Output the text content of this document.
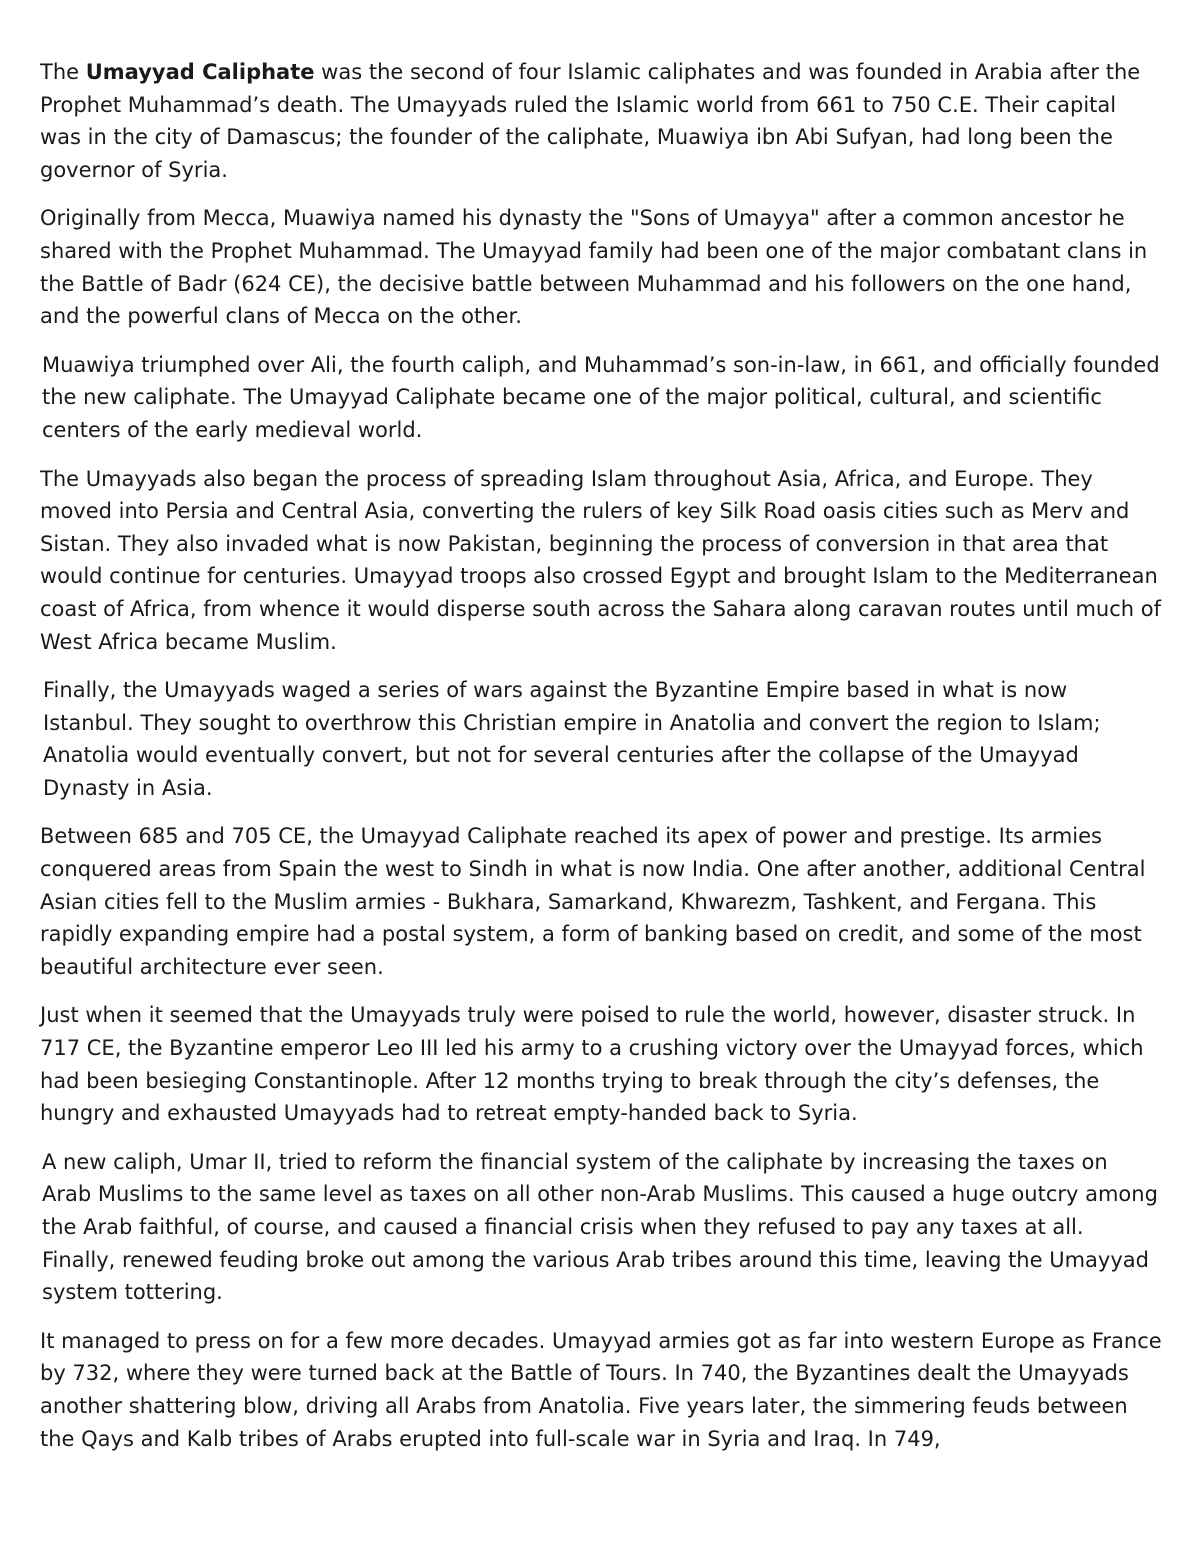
The Umayyad Caliphate was the second of four Islamic caliphates and was founded in Arabia after the Prophet Muhammad’s death. The Umayyads ruled the Islamic world from 661 to 750 C.E. Their capital was in the city of Damascus; the founder of the caliphate, Muawiya ibn Abi Sufyan, had long been the governor of Syria.

Originally from Mecca, Muawiya named his dynasty the "Sons of Umayya" after a common ancestor he shared with the Prophet Muhammad. The Umayyad family had been one of the major combatant clans in the Battle of Badr (624 CE), the decisive battle between Muhammad and his followers on the one hand, and the powerful clans of Mecca on the other.

Muawiya triumphed over Ali, the fourth caliph, and Muhammad’s son-in-law, in 661, and officially founded the new caliphate. The Umayyad Caliphate became one of the major political, cultural, and scientific centers of the early medieval world.

The Umayyads also began the process of spreading Islam throughout Asia, Africa, and Europe. They moved into Persia and Central Asia, converting the rulers of key Silk Road oasis cities such as Merv and Sistan. They also invaded what is now Pakistan, beginning the process of conversion in that area that would continue for centuries. Umayyad troops also crossed Egypt and brought Islam to the Mediterranean coast of Africa, from whence it would disperse south across the Sahara along caravan routes until much of West Africa became Muslim.

Finally, the Umayyads waged a series of wars against the Byzantine Empire based in what is now Istanbul. They sought to overthrow this Christian empire in Anatolia and convert the region to Islam; Anatolia would eventually convert, but not for several centuries after the collapse of the Umayyad Dynasty in Asia.

Between 685 and 705 CE, the Umayyad Caliphate reached its apex of power and prestige. Its armies conquered areas from Spain the west to Sindh in what is now India. One after another, additional Central Asian cities fell to the Muslim armies - Bukhara, Samarkand, Khwarezm, Tashkent, and Fergana. This rapidly expanding empire had a postal system, a form of banking based on credit, and some of the most beautiful architecture ever seen.

Just when it seemed that the Umayyads truly were poised to rule the world, however, disaster struck. In 717 CE, the Byzantine emperor Leo III led his army to a crushing victory over the Umayyad forces, which had been besieging Constantinople. After 12 months trying to break through the city’s defenses, the hungry and exhausted Umayyads had to retreat empty-handed back to Syria.

A new caliph, Umar II, tried to reform the financial system of the caliphate by increasing the taxes on Arab Muslims to the same level as taxes on all other non-Arab Muslims. This caused a huge outcry among the Arab faithful, of course, and caused a financial crisis when they refused to pay any taxes at all. Finally, renewed feuding broke out among the various Arab tribes around this time, leaving the Umayyad system tottering.

It managed to press on for a few more decades. Umayyad armies got as far into western Europe as France by 732, where they were turned back at the Battle of Tours. In 740, the Byzantines dealt the Umayyads another shattering blow, driving all Arabs from Anatolia. Five years later, the simmering feuds between the Qays and Kalb tribes of Arabs erupted into full-scale war in Syria and Iraq. In 749,
